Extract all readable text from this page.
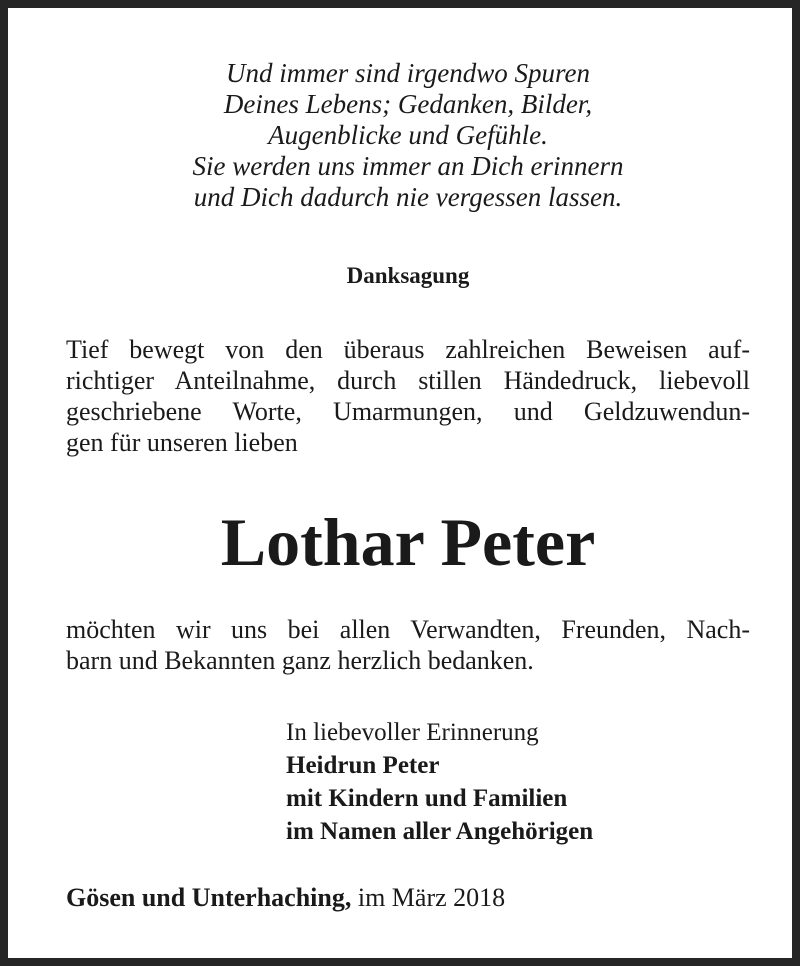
Und immer sind irgendwo Spuren
Deines Lebens; Gedanken, Bilder,
Augenblicke und Gefühle.
Sie werden uns immer an Dich erinnern
und Dich dadurch nie vergessen lassen.
Danksagung
Tief bewegt von den überaus zahlreichen Beweisen auf-
richtiger Anteilnahme, durch stillen Händedruck, liebevoll
geschriebene Worte, Umarmungen, und Geldzuwendun-
gen für unseren lieben
Lothar Peter
möchten wir uns bei allen Verwandten, Freunden, Nach-
barn und Bekannten ganz herzlich bedanken.
In liebevoller Erinnerung
Heidrun Peter
mit Kindern und Familien
im Namen aller Angehörigen
Gösen und Unterhaching, im März 2018
